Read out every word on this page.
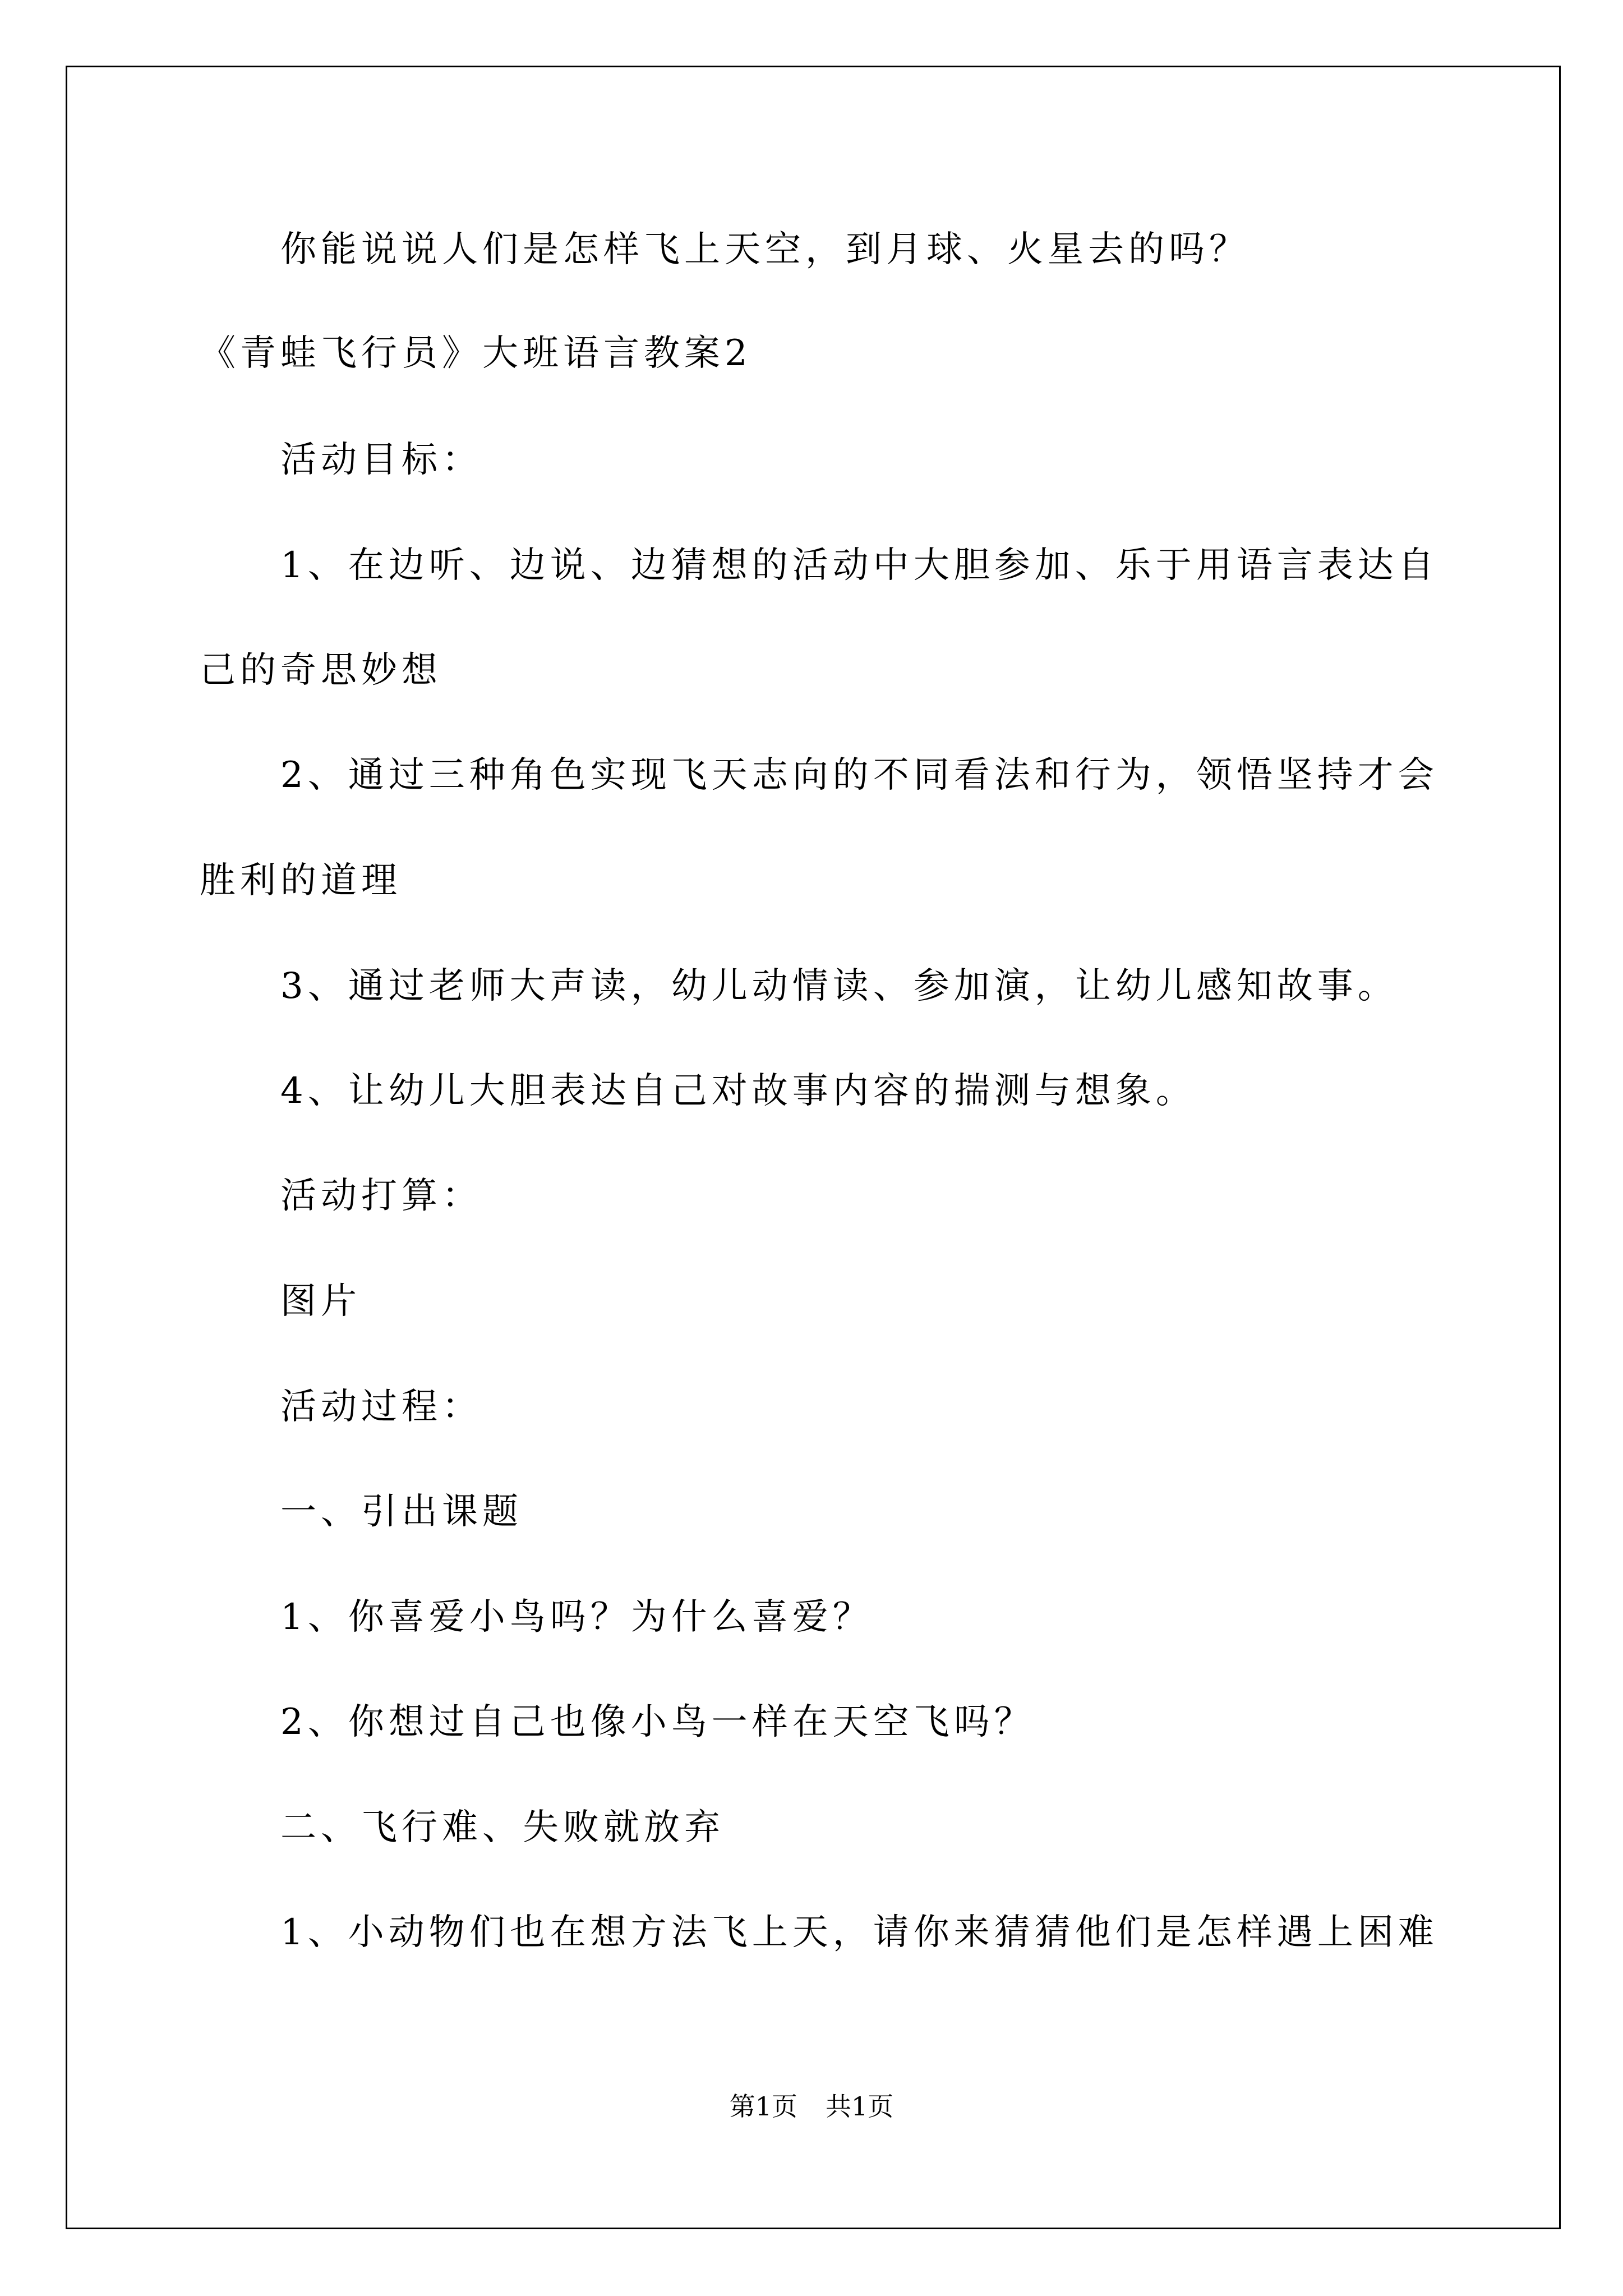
你能说说人们是怎样飞上天空，到月球、火星去的吗？
《青蛙飞行员》大班语言教案2
活动目标：
1、在边听、边说、边猜想的活动中大胆参加、乐于用语言表达自
己的奇思妙想
2、通过三种角色实现飞天志向的不同看法和行为，领悟坚持才会
胜利的道理
3、通过老师大声读，幼儿动情读、参加演，让幼儿感知故事。
4、让幼儿大胆表达自己对故事内容的揣测与想象。
活动打算：
图片
活动过程：
一、引出课题
1、你喜爱小鸟吗？为什么喜爱？
2、你想过自己也像小鸟一样在天空飞吗？
二、飞行难、失败就放弃
1、小动物们也在想方法飞上天，请你来猜猜他们是怎样遇上困难
第1页 共1页
